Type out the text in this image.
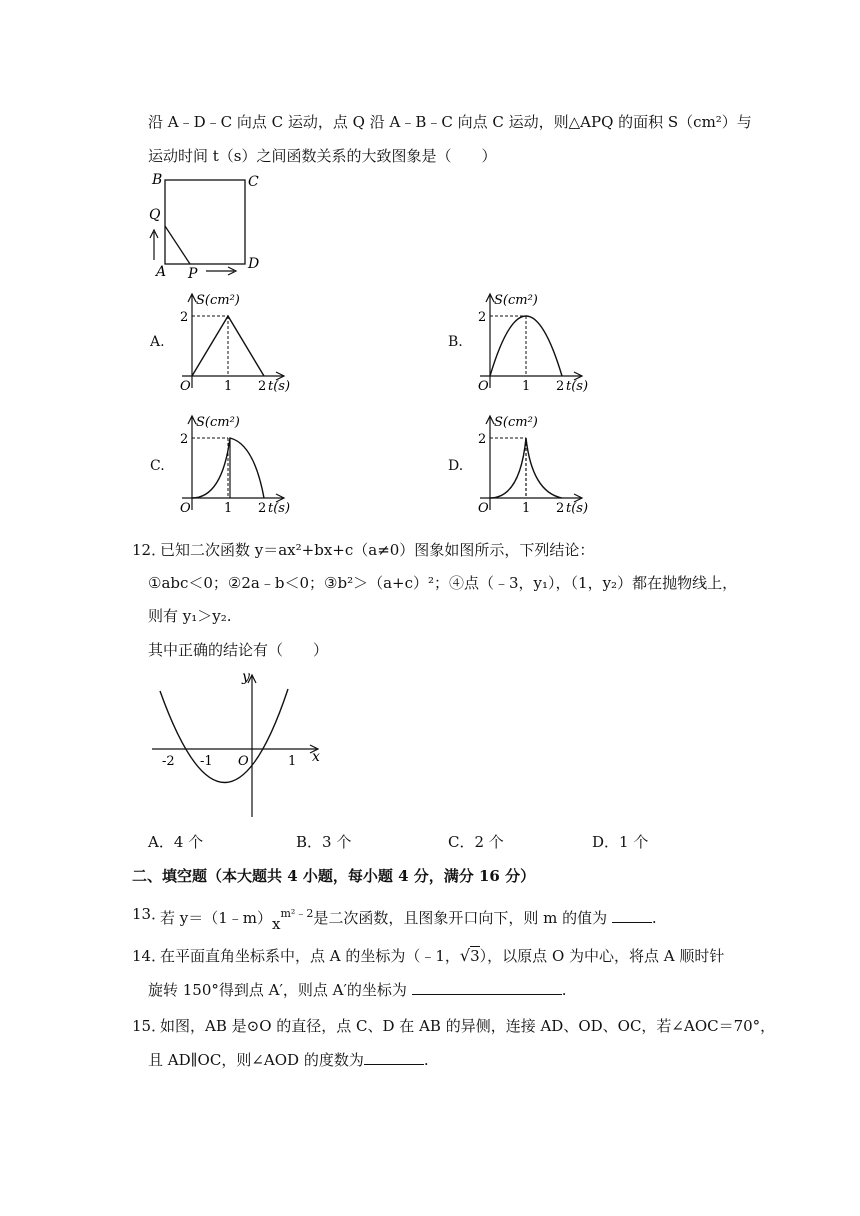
沿 A﹣D﹣C 向点 C 运动，点 Q 沿 A﹣B﹣C 向点 C 运动，则△APQ 的面积 S（cm²）与
运动时间 t（s）之间函数关系的大致图象是（　　）
B	C
Q
A P
D
A.	B.
C.	D.
S(cm²)
t(s)
O	1 2
2
S(cm²)
t(s)
O	1 2
2
S(cm²)
t(s)
O	1 2
2
S(cm²)
t(s)
O	1 2
2
12．
已知二次函数 y＝ax²+bx+c（a≠0）图象如图所示，下列结论：
①abc＜0；②2a﹣b＜0；③b²＞（a+c）²；④点（﹣3，y₁），（1，y₂）都在抛物线上，
则有 y₁＞y₂.
其中正确的结论有（　　）
y
x
O
-2 -1	1
A．4 个	B．3 个	C．2 个	D．1 个
二、填空题（本大题共 4 小题，每小题 4 分，满分 16 分）
13．
若 $y=(1﹣m)x^{m^2﹣2}$是二次函数，且图象开口向下，则 m 的值为	.
14．
在平面直角坐标系中，点 A 的坐标为（﹣1，√3），以原点 O 为中心，将点 A 顺时针
旋转 150°得到点 A′，则点 A′的坐标为	.
15．
如图，AB 是⊙O 的直径，点 C、D 在 AB 的异侧，连接 AD、OD、OC，若∠AOC＝70°，
且 AD∥OC，则∠AOD 的度数为	.
